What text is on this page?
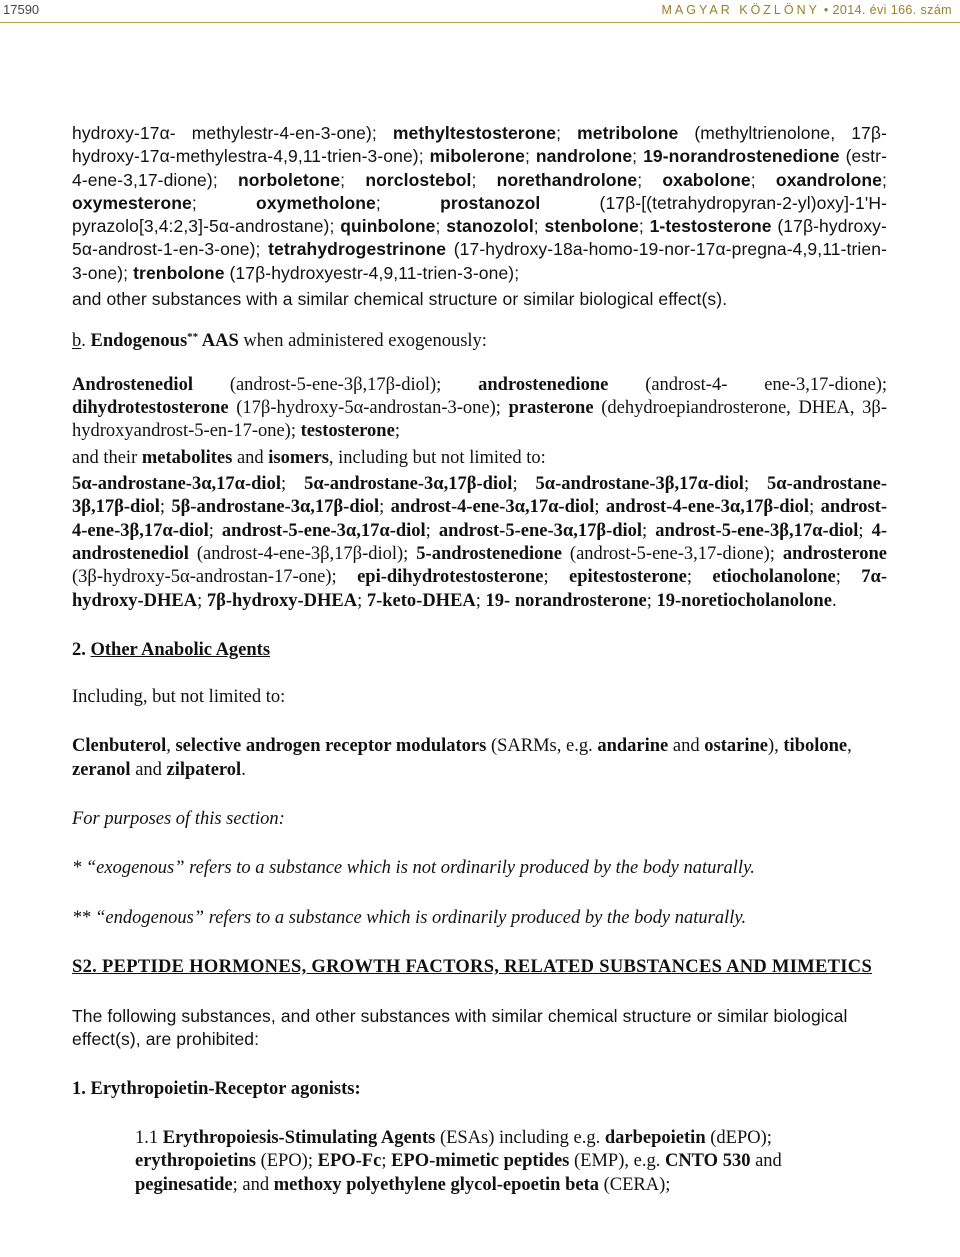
17590	MAGYAR KÖZLÖNY • 2014. évi 166. szám

hydroxy-17α- methylestr-4-en-3-one); methyltestosterone; metribolone (methyltrienolone, 17β-hydroxy-17α-methylestra-4,9,11-trien-3-one); mibolerone; nandrolone; 19-norandrostenedione (estr-4-ene-3,17-dione); norboletone; norclostebol; norethandrolone; oxabolone; oxandrolone; oxymesterone; oxymetholone; prostanozol (17β-[(tetrahydropyran-2-yl)oxy]-1'H- pyrazolo[3,4:2,3]-5α-androstane); quinbolone; stanozolol; stenbolone; 1-testosterone (17β-hydroxy-5α-androst-1-en-3-one); tetrahydrogestrinone (17-hydroxy-18a-homo-19-nor-17α-pregna-4,9,11-trien-3-one); trenbolone (17β-hydroxyestr-4,9,11-trien-3-one);

and other substances with a similar chemical structure or similar biological effect(s).

b. Endogenous** AAS when administered exogenously:

Androstenediol (androst-5-ene-3β,17β-diol); androstenedione (androst-4- ene-3,17-dione); dihydrotestosterone (17β-hydroxy-5α-androstan-3-one); prasterone (dehydroepiandrosterone, DHEA, 3β-hydroxyandrost-5-en-17-one); testosterone;

and their metabolites and isomers, including but not limited to:

5α-androstane-3α,17α-diol; 5α-androstane-3α,17β-diol; 5α-androstane-3β,17α-diol; 5α-androstane-3β,17β-diol; 5β-androstane-3α,17β-diol; androst-4-ene-3α,17α-diol; androst-4-ene-3α,17β-diol; androst-4-ene-3β,17α-diol; androst-5-ene-3α,17α-diol; androst-5-ene-3α,17β-diol; androst-5-ene-3β,17α-diol; 4-androstenediol (androst-4-ene-3β,17β-diol); 5-androstenedione (androst-5-ene-3,17-dione); androsterone (3β-hydroxy-5α-androstan-17-one); epi-dihydrotestosterone; epitestosterone; etiocholanolone; 7α-hydroxy-DHEA; 7β-hydroxy-DHEA; 7-keto-DHEA; 19- norandrosterone; 19-noretiocholanolone.

2. Other Anabolic Agents

Including, but not limited to:

Clenbuterol, selective androgen receptor modulators (SARMs, e.g. andarine and ostarine), tibolone, zeranol and zilpaterol.

For purposes of this section:

* “exogenous” refers to a substance which is not ordinarily produced by the body naturally.

** “endogenous” refers to a substance which is ordinarily produced by the body naturally.

S2. PEPTIDE HORMONES, GROWTH FACTORS, RELATED SUBSTANCES AND MIMETICS

The following substances, and other substances with similar chemical structure or similar biological effect(s), are prohibited:

1. Erythropoietin-Receptor agonists:

1.1 Erythropoiesis-Stimulating Agents (ESAs) including e.g. darbepoietin (dEPO); erythropoietins (EPO); EPO-Fc; EPO-mimetic peptides (EMP), e.g. CNTO 530 and peginesatide; and methoxy polyethylene glycol-epoetin beta (CERA);
